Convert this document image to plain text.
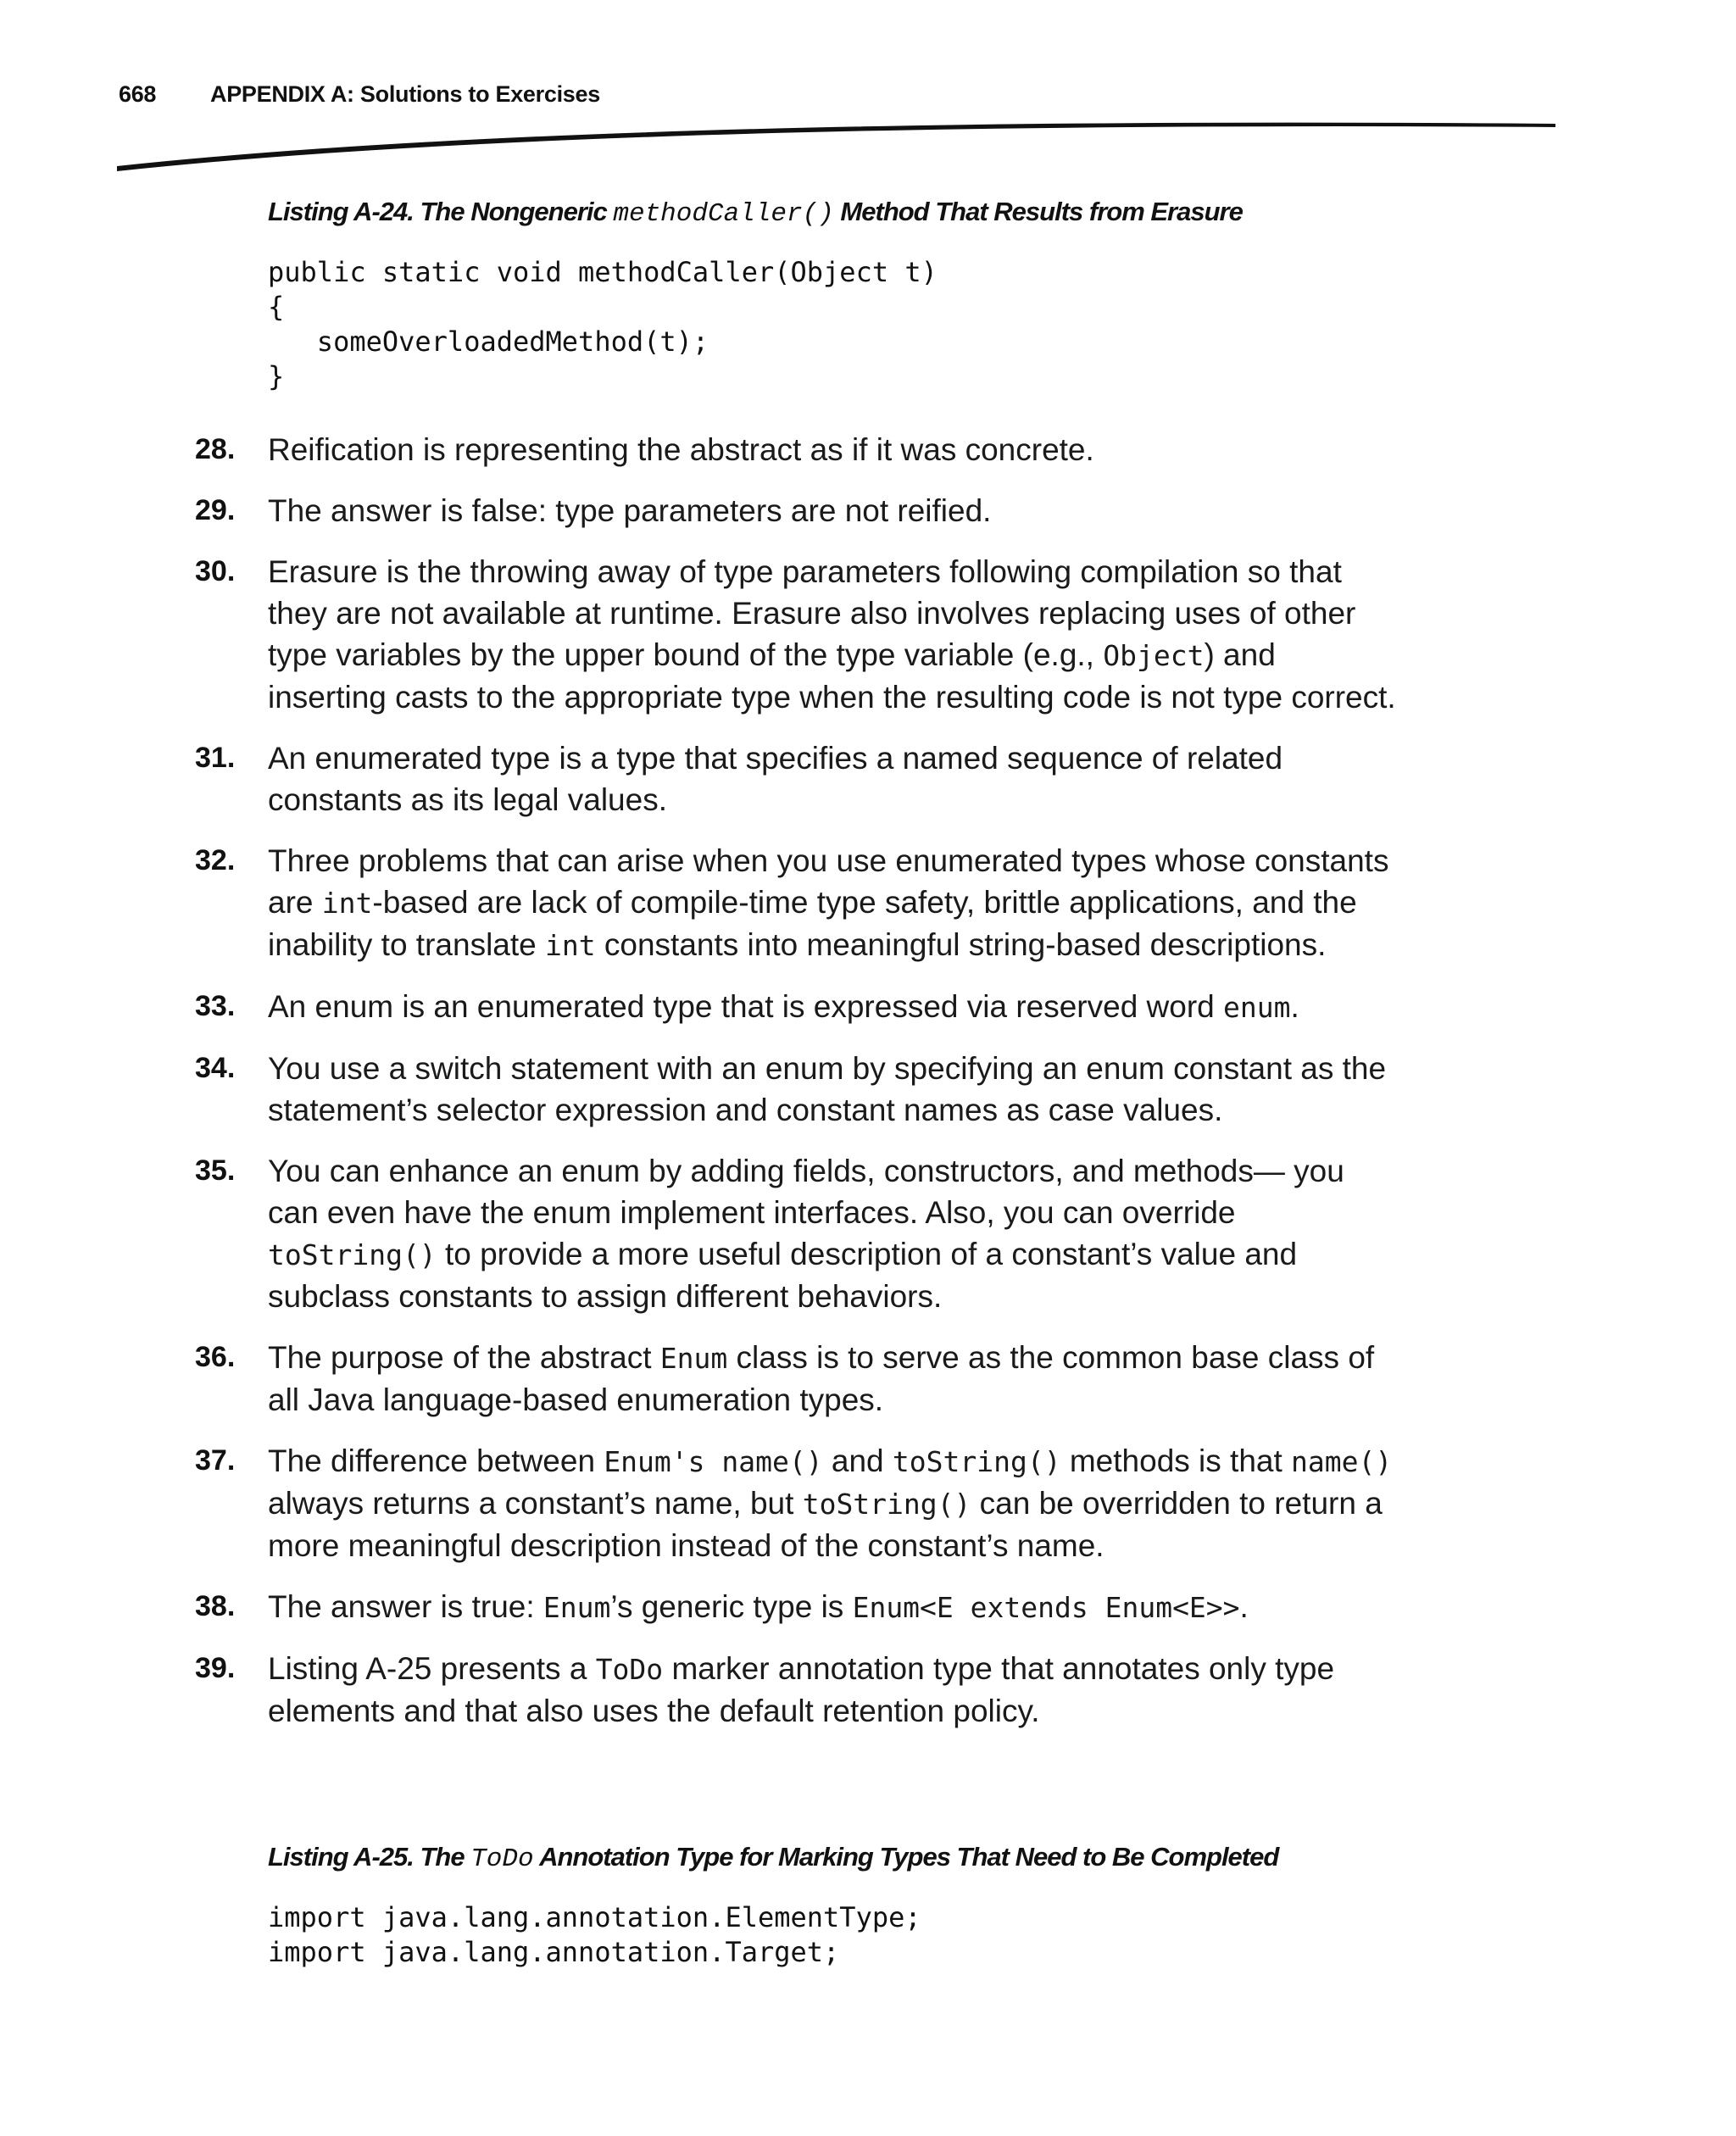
668 APPENDIX A: Solutions to Exercises
Listing A-24. The Nongeneric methodCaller() Method That Results from Erasure
public static void methodCaller(Object t)
{
someOverloadedMethod(t);
}
28. Reification is representing the abstract as if it was concrete.
29. The answer is false: type parameters are not reified.
30. Erasure is the throwing away of type parameters following compilation so that they are not available at runtime. Erasure also involves replacing uses of other type variables by the upper bound of the type variable (e.g., Object) and inserting casts to the appropriate type when the resulting code is not type correct.
31. An enumerated type is a type that specifies a named sequence of related constants as its legal values.
32. Three problems that can arise when you use enumerated types whose constants are int-based are lack of compile-time type safety, brittle applications, and the inability to translate int constants into meaningful string-based descriptions.
33. An enum is an enumerated type that is expressed via reserved word enum.
34. You use a switch statement with an enum by specifying an enum constant as the statement’s selector expression and constant names as case values.
35. You can enhance an enum by adding fields, constructors, and methods— you can even have the enum implement interfaces. Also, you can override toString() to provide a more useful description of a constant’s value and subclass constants to assign different behaviors.
36. The purpose of the abstract Enum class is to serve as the common base class of all Java language-based enumeration types.
37. The difference between Enum's name() and toString() methods is that name() always returns a constant’s name, but toString() can be overridden to return a more meaningful description instead of the constant’s name.
38. The answer is true: Enum’s generic type is Enum<E extends Enum<E>>.
39. Listing A-25 presents a ToDo marker annotation type that annotates only type elements and that also uses the default retention policy.
Listing A-25. The ToDo Annotation Type for Marking Types That Need to Be Completed
import java.lang.annotation.ElementType;
import java.lang.annotation.Target;
